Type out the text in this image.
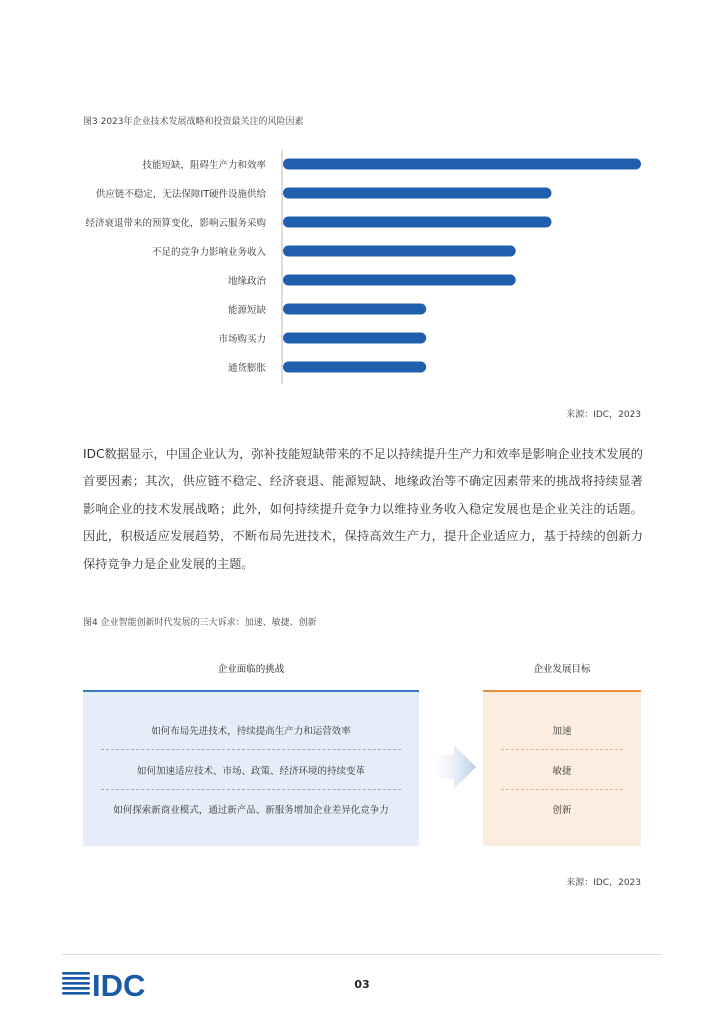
图3 2023年企业技术发展战略和投资最关注的风险因素
技能短缺，阻碍生产力和效率
供应链不稳定，无法保障IT硬件设施供给
经济衰退带来的预算变化，影响云服务采购
不足的竞争力影响业务收入
地缘政治
能源短缺
市场购买力
通货膨胀
来源：IDC，2023
IDC数据显示，中国企业认为，弥补技能短缺带来的不足以持续提升生产力和效率是影响企业技术发展的首要因素；其次，供应链不稳定、经济衰退、能源短缺、地缘政治等不确定因素带来的挑战将持续显著影响企业的技术发展战略；此外，如何持续提升竞争力以维持业务收入稳定发展也是企业关注的话题。因此，积极适应发展趋势，不断布局先进技术，保持高效生产力，提升企业适应力，基于持续的创新力保持竞争力是企业发展的主题。
图4 企业智能创新时代发展的三大诉求：加速、敏捷、创新
企业面临的挑战	企业发展目标
如何布局先进技术，持续提高生产力和运营效率
如何加速适应技术、市场、政策、经济环境的持续变革
如何探索新商业模式，通过新产品、新服务增加企业差异化竞争力
加速
敏捷
创新
来源：IDC，2023
IDC	03
